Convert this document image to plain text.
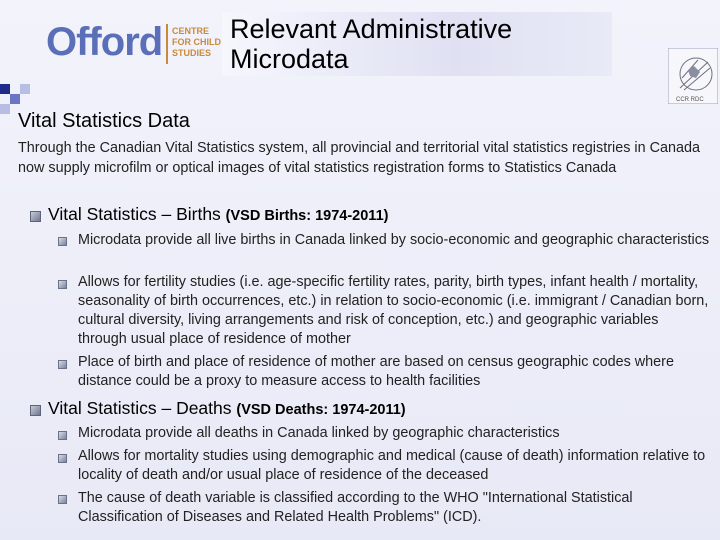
Offord CENTRE
FOR CHILD
STUDIES
Relevant Administrative
Microdata
CCR RDC
Vital Statistics Data
Through the Canadian Vital Statistics system, all provincial and territorial vital statistics registries in Canada now supply microfilm or optical images of vital statistics registration forms to Statistics Canada
Vital Statistics – Births (VSD Births: 1974-2011)
Microdata provide all live births in Canada linked by socio-economic and geographic characteristics
Allows for fertility studies (i.e. age-specific fertility rates, parity, birth types, infant health / mortality, seasonality of birth occurrences, etc.) in relation to socio-economic (i.e. immigrant / Canadian born, cultural diversity, living arrangements and risk of conception, etc.) and geographic variables through usual place of residence of mother
Place of birth and place of residence of mother are based on census geographic codes where distance could be a proxy to measure access to health facilities
Vital Statistics – Deaths (VSD Deaths: 1974-2011)
Microdata provide all deaths in Canada linked by geographic characteristics
Allows for mortality studies using demographic and medical (cause of death) information relative to locality of death and/or usual place of residence of the deceased
The cause of death variable is classified according to the WHO "International Statistical Classification of Diseases and Related Health Problems" (ICD).
